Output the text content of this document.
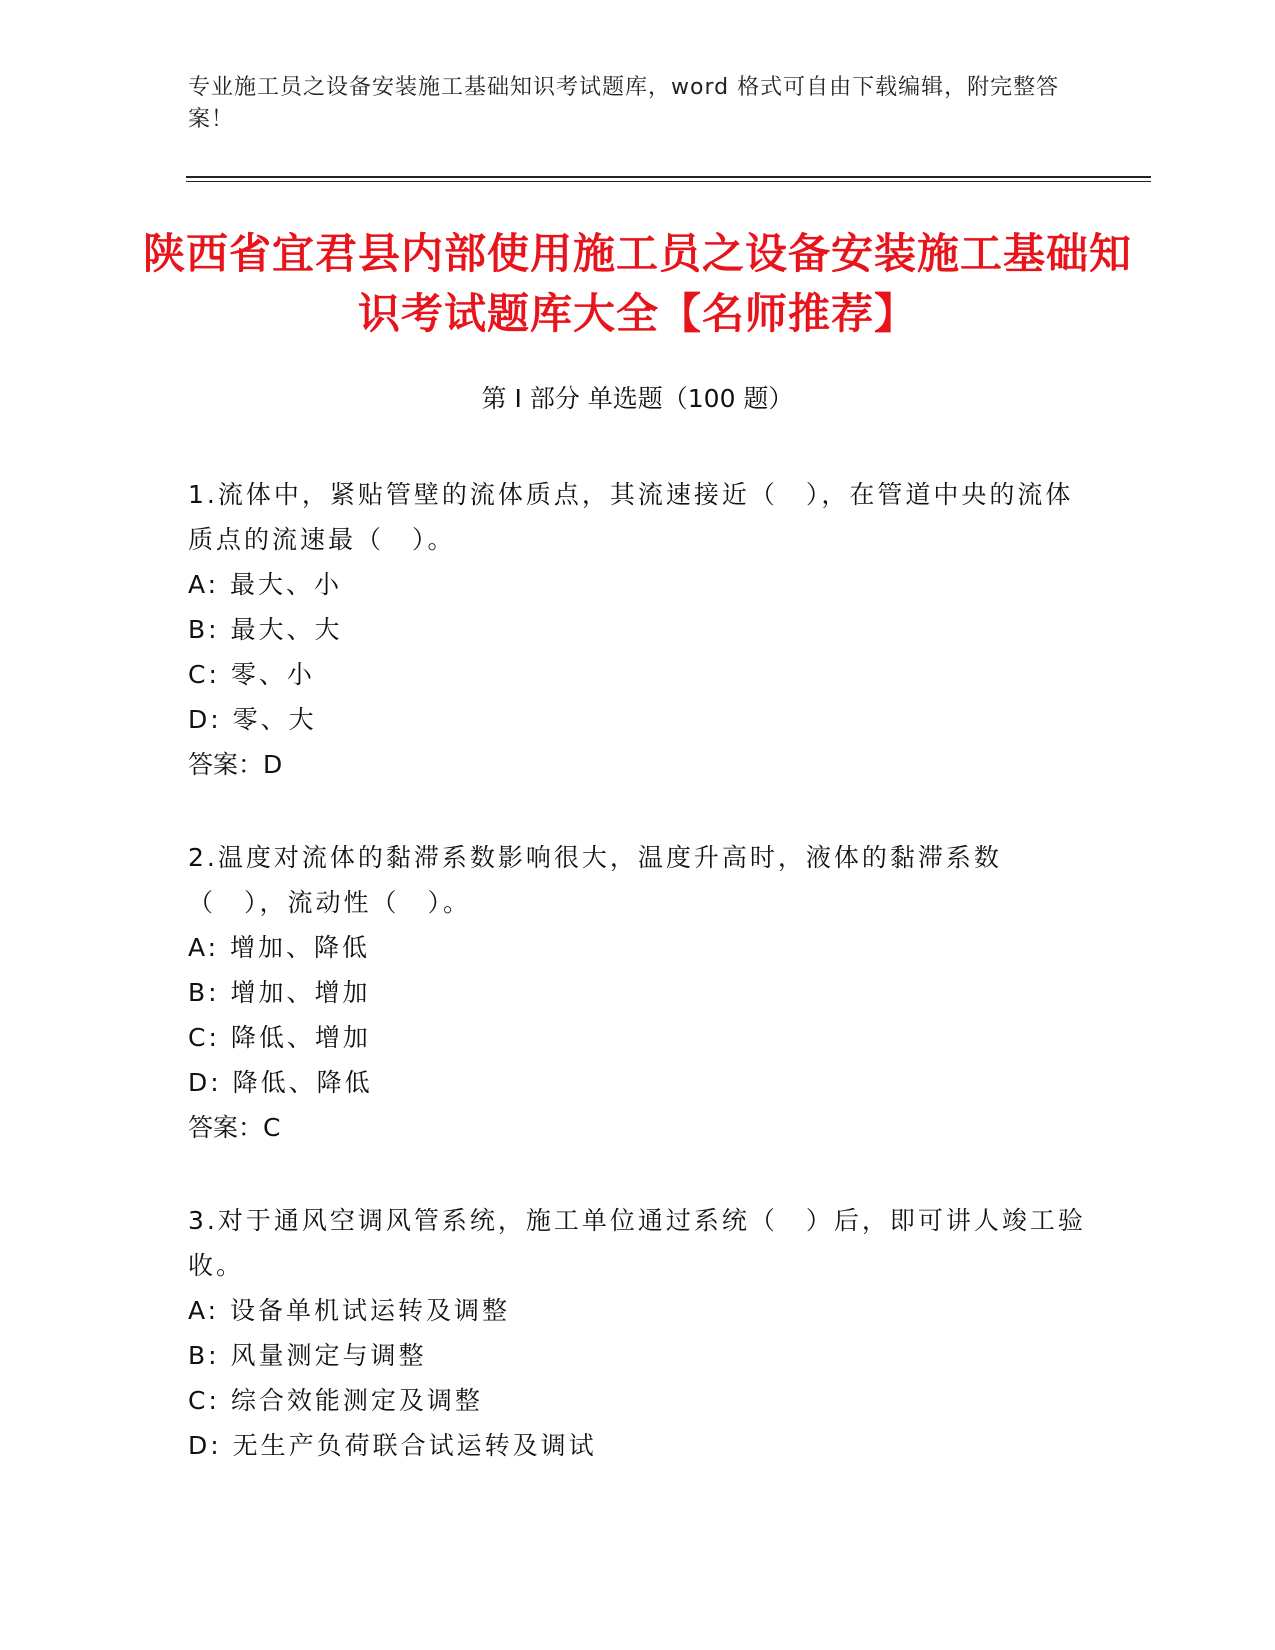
专业施工员之设备安装施工基础知识考试题库，word 格式可自由下载编辑，附完整答案！
陕西省宜君县内部使用施工员之设备安装施工基础知识考试题库大全【名师推荐】
第 I 部分 单选题（100 题）

1.流体中，紧贴管壁的流体质点，其流速接近（　），在管道中央的流体质点的流速最（　）。

A: 最大、小

B: 最大、大

C: 零、小

D: 零、大

答案：D

2.温度对流体的黏滞系数影响很大，温度升高时，液体的黏滞系数（　），流动性（　）。

A: 增加、降低

B: 增加、增加

C: 降低、增加

D: 降低、降低

答案：C

3.对于通风空调风管系统，施工单位通过系统（　）后，即可讲人竣工验收。

A: 设备单机试运转及调整

B: 风量测定与调整

C: 综合效能测定及调整

D: 无生产负荷联合试运转及调试
